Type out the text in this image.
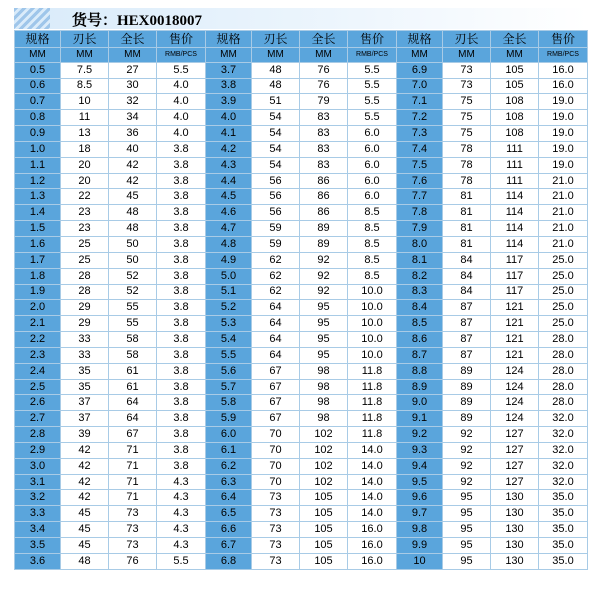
货号：HEX0018007
规格	刃长	全长	售价	规格	刃长	全长	售价	规格	刃长	全长	售价
MM	MM	MM	RMB/PCS	MM	MM	MM	RMB/PCS	MM	MM	MM	RMB/PCS
0.5	7.5	27	5.5	3.7	48	76	5.5	6.9	73	105	16.0
0.6	8.5	30	4.0	3.8	48	76	5.5	7.0	73	105	16.0
0.7	10	32	4.0	3.9	51	79	5.5	7.1	75	108	19.0
0.8	11	34	4.0	4.0	54	83	5.5	7.2	75	108	19.0
0.9	13	36	4.0	4.1	54	83	6.0	7.3	75	108	19.0
1.0	18	40	3.8	4.2	54	83	6.0	7.4	78	111	19.0
1.1	20	42	3.8	4.3	54	83	6.0	7.5	78	111	19.0
1.2	20	42	3.8	4.4	56	86	6.0	7.6	78	111	21.0
1.3	22	45	3.8	4.5	56	86	6.0	7.7	81	114	21.0
1.4	23	48	3.8	4.6	56	86	8.5	7.8	81	114	21.0
1.5	23	48	3.8	4.7	59	89	8.5	7.9	81	114	21.0
1.6	25	50	3.8	4.8	59	89	8.5	8.0	81	114	21.0
1.7	25	50	3.8	4.9	62	92	8.5	8.1	84	117	25.0
1.8	28	52	3.8	5.0	62	92	8.5	8.2	84	117	25.0
1.9	28	52	3.8	5.1	62	92	10.0	8.3	84	117	25.0
2.0	29	55	3.8	5.2	64	95	10.0	8.4	87	121	25.0
2.1	29	55	3.8	5.3	64	95	10.0	8.5	87	121	25.0
2.2	33	58	3.8	5.4	64	95	10.0	8.6	87	121	28.0
2.3	33	58	3.8	5.5	64	95	10.0	8.7	87	121	28.0
2.4	35	61	3.8	5.6	67	98	11.8	8.8	89	124	28.0
2.5	35	61	3.8	5.7	67	98	11.8	8.9	89	124	28.0
2.6	37	64	3.8	5.8	67	98	11.8	9.0	89	124	28.0
2.7	37	64	3.8	5.9	67	98	11.8	9.1	89	124	32.0
2.8	39	67	3.8	6.0	70	102	11.8	9.2	92	127	32.0
2.9	42	71	3.8	6.1	70	102	14.0	9.3	92	127	32.0
3.0	42	71	3.8	6.2	70	102	14.0	9.4	92	127	32.0
3.1	42	71	4.3	6.3	70	102	14.0	9.5	92	127	32.0
3.2	42	71	4.3	6.4	73	105	14.0	9.6	95	130	35.0
3.3	45	73	4.3	6.5	73	105	14.0	9.7	95	130	35.0
3.4	45	73	4.3	6.6	73	105	16.0	9.8	95	130	35.0
3.5	45	73	4.3	6.7	73	105	16.0	9.9	95	130	35.0
3.6	48	76	5.5	6.8	73	105	16.0	10	95	130	35.0
